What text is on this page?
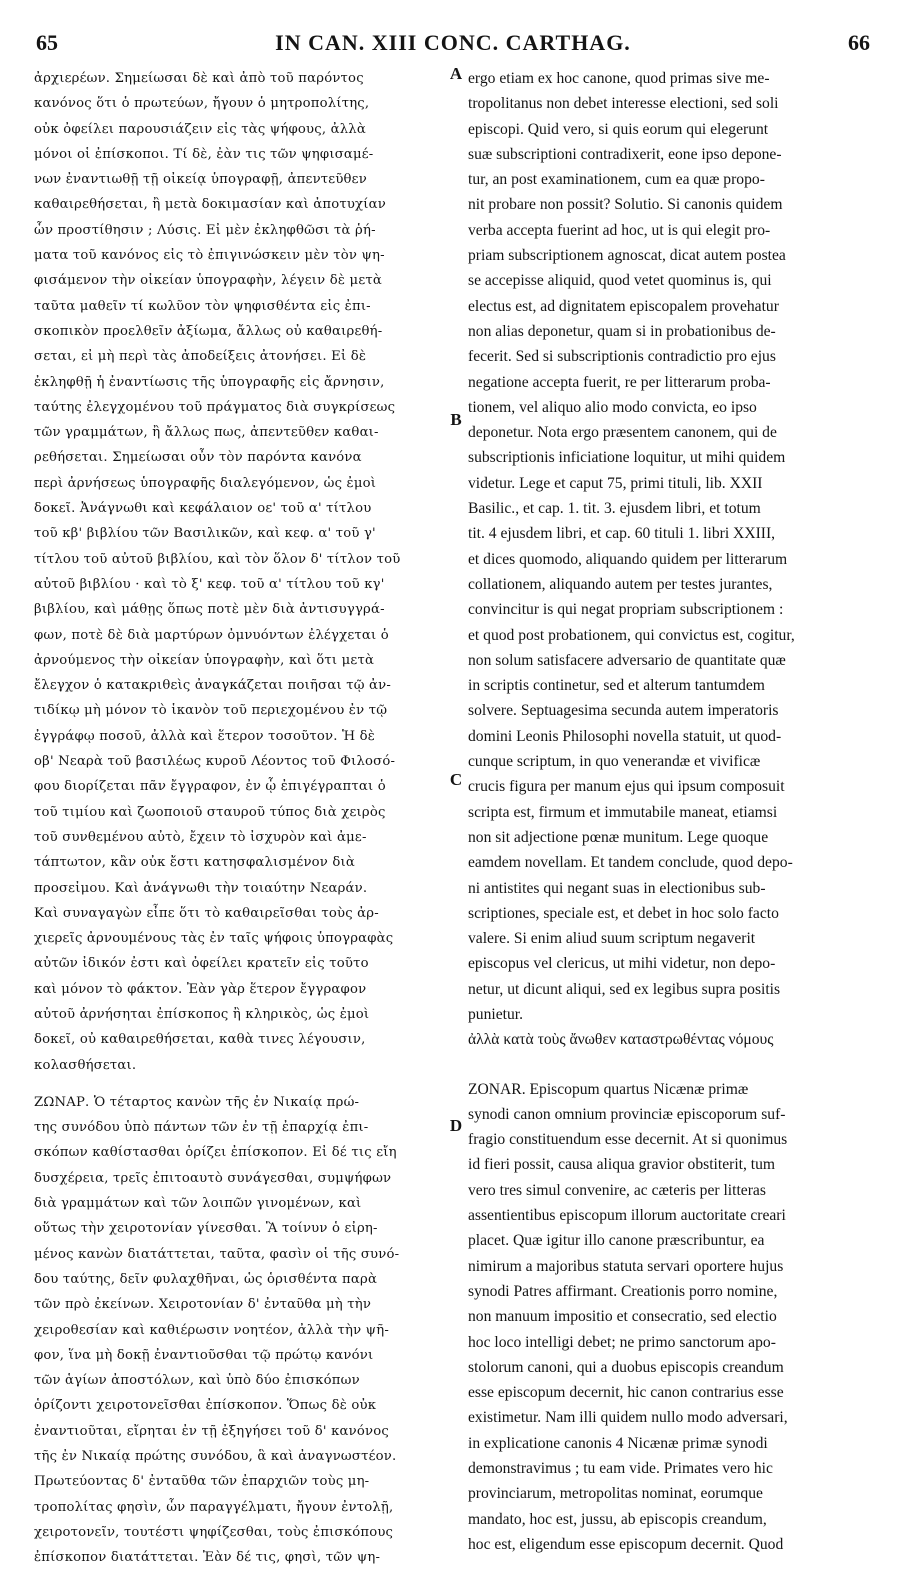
65	IN CAN. XIII CONC. CARTHAG.	66
ἀρχιερέων. Σημείωσαι δὲ καὶ ἀπὸ τοῦ παρόντος
κανόνος ὅτι ὁ πρωτεύων, ἤγουν ὁ μητροπολίτης,
οὐκ ὀφείλει παρουσιάζειν εἰς τὰς ψήφους, ἀλλὰ
μόνοι οἱ ἐπίσκοποι. Τί δὲ, ἐὰν τις τῶν ψηφισαμέ-
νων ἐναντιωθῇ τῇ οἰκείᾳ ὑπογραφῇ, ἀπεντεῦθεν
καθαιρεθήσεται, ἢ μετὰ δοκιμασίαν καὶ ἀποτυχίαν
ὧν προστίθησιν ; Λύσις. Εἰ μὲν ἐκληφθῶσι τὰ ῥή-
ματα τοῦ κανόνος εἰς τὸ ἐπιγινώσκειν μὲν τὸν ψη-
φισάμενον τὴν οἰκείαν ὑπογραφὴν, λέγειν δὲ μετὰ
ταῦτα μαθεῖν τί κωλῦον τὸν ψηφισθέντα εἰς ἐπι-
σκοπικὸν προελθεῖν ἀξίωμα, ἄλλως οὐ καθαιρεθή-
σεται, εἰ μὴ περὶ τὰς ἀποδείξεις ἀτονήσει. Εἰ δὲ
ἐκληφθῇ ἡ ἐναντίωσις τῆς ὑπογραφῆς εἰς ἄρνησιν,
ταύτης ἐλεγχομένου τοῦ πράγματος διὰ συγκρίσεως
τῶν γραμμάτων, ἢ ἄλλως πως, ἀπεντεῦθεν καθαι-
ρεθήσεται. Σημείωσαι οὖν τὸν παρόντα κανόνα
περὶ ἀρνήσεως ὑπογραφῆς διαλεγόμενον, ὡς ἐμοὶ
δοκεῖ. Ἀνάγνωθι καὶ κεφάλαιον οε' τοῦ α' τίτλου
τοῦ κβ' βιβλίου τῶν Βασιλικῶν, καὶ κεφ. α' τοῦ γ'
τίτλου τοῦ αὐτοῦ βιβλίου, καὶ τὸν ὅλον δ' τίτλον τοῦ
αὐτοῦ βιβλίου · καὶ τὸ ξ' κεφ. τοῦ α' τίτλου τοῦ κγ'
βιβλίου, καὶ μάθῃς ὅπως ποτὲ μὲν διὰ ἀντισυγγρά-
φων, ποτὲ δὲ διὰ μαρτύρων ὀμνυόντων ἐλέγχεται ὁ
ἀρνούμενος τὴν οἰκείαν ὑπογραφὴν, καὶ ὅτι μετὰ
ἔλεγχον ὁ κατακριθεὶς ἀναγκάζεται ποιῆσαι τῷ ἀν-
τιδίκῳ μὴ μόνον τὸ ἱκανὸν τοῦ περιεχομένου ἐν τῷ
ἐγγράφῳ ποσοῦ, ἀλλὰ καὶ ἕτερον τοσοῦτον. Ἡ δὲ
οβ' Νεαρὰ τοῦ βασιλέως κυροῦ Λέοντος τοῦ Φιλοσό-
φου διορίζεται πᾶν ἔγγραφον, ἐν ᾧ ἐπιγέγραπται ὁ
τοῦ τιμίου καὶ ζωοποιοῦ σταυροῦ τύπος διὰ χειρὸς
τοῦ συνθεμένου αὐτὸ, ἔχειν τὸ ἰσχυρὸν καὶ ἀμε-
τάπτωτον, κἂν οὐκ ἔστι κατησφαλισμένον διὰ
προσεἰμου. Καὶ ἀνάγνωθι τὴν τοιαύτην Νεαράν.
Καὶ συναγαγὼν εἶπε ὅτι τὸ καθαιρεῖσθαι τοὺς ἀρ-
χιερεῖς ἀρνουμένους τὰς ἐν ταῖς ψήφοις ὑπογραφὰς
αὐτῶν ἰδικόν ἐστι καὶ ὀφείλει κρατεῖν εἰς τοῦτο
καὶ μόνον τὸ φάκτον. Ἐὰν γὰρ ἕτερον ἔγγραφον
αὐτοῦ ἀρνήσηται ἐπίσκοπος ἢ κληρικὸς, ὡς ἐμοὶ
δοκεῖ, οὐ καθαιρεθήσεται, καθὰ τινες λέγουσιν,
κολασθήσεται.
ΖΩΝΑΡ. Ὁ τέταρτος κανὼν τῆς ἐν Νικαίᾳ πρώ-
της συνόδου ὑπὸ πάντων τῶν ἐν τῇ ἐπαρχίᾳ ἐπι-
σκόπων καθίστασθαι ὁρίζει ἐπίσκοπον. Εἰ δέ τις εἴη
δυσχέρεια, τρεῖς ἐπιτοαυτὸ συνάγεσθαι, συμψήφων
διὰ γραμμάτων καὶ τῶν λοιπῶν γινομένων, καὶ
οὕτως τὴν χειροτονίαν γίνεσθαι. Ἃ τοίνυν ὁ εἰρη-
μένος κανὼν διατάττεται, ταῦτα, φασὶν οἱ τῆς συνό-
δου ταύτης, δεῖν φυλαχθῆναι, ὡς ὁρισθέντα παρὰ
τῶν πρὸ ἐκείνων. Χειροτονίαν δ' ἐνταῦθα μὴ τὴν
χειροθεσίαν καὶ καθιέρωσιν νοητέον, ἀλλὰ τὴν ψῆ-
φον, ἵνα μὴ δοκῇ ἐναντιοῦσθαι τῷ πρώτῳ κανόνι
τῶν ἁγίων ἀποστόλων, καὶ ὑπὸ δύο ἐπισκόπων
ὁρίζοντι χειροτονεῖσθαι ἐπίσκοπον. Ὅπως δὲ οὐκ
ἐναντιοῦται, εἴρηται ἐν τῇ ἐξηγήσει τοῦ δ' κανόνος
τῆς ἐν Νικαίᾳ πρώτης συνόδου, ἃ καὶ ἀναγνωστέον.
Πρωτεύοντας δ' ἐνταῦθα τῶν ἐπαρχιῶν τοὺς μη-
τροπολίτας φησὶν, ὧν παραγγέλματι, ἤγουν ἐντολῇ,
χειροτονεῖν, τουτέστι ψηφίζεσθαι, τοὺς ἐπισκόπους
ἐπίσκοπον διατάττεται. Ἐὰν δέ τις, φησὶ, τῶν ψη-
ergo etiam ex hoc canone, quod primas sive me-
tropolitanus non debet interesse electioni, sed soli
episcopi. Quid vero, si quis eorum qui elegerunt
suæ subscriptioni contradixerit, eone ipso depone-
tur, an post examinationem, cum ea quæ propo-
nit probare non possit? Solutio. Si canonis quidem
verba accepta fuerint ad hoc, ut is qui elegit pro-
priam subscriptionem agnoscat, dicat autem postea
se accepisse aliquid, quod vetet quominus is, qui
electus est, ad dignitatem episcopalem provehatur
non alias deponetur, quam si in probationibus de-
fecerit. Sed si subscriptionis contradictio pro ejus
negatione accepta fuerit, re per litterarum proba-
tionem, vel aliquo alio modo convicta, eo ipso
deponetur. Nota ergo præsentem canonem, qui de
subscriptionis inficiatione loquitur, ut mihi quidem
videtur. Lege et caput 75, primi tituli, lib. XXII
Basilic., et cap. 1. tit. 3. ejusdem libri, et totum
tit. 4 ejusdem libri, et cap. 60 tituli 1. libri XXIII,
et dices quomodo, aliquando quidem per litterarum
collationem, aliquando autem per testes jurantes,
convincitur is qui negat propriam subscriptionem :
et quod post probationem, qui convictus est, cogitur,
non solum satisfacere adversario de quantitate quæ
in scriptis continetur, sed et alterum tantumdem
solvere. Septuagesima secunda autem imperatoris
domini Leonis Philosophi novella statuit, ut quod-
cunque scriptum, in quo venerandæ et vivificæ
crucis figura per manum ejus qui ipsum composuit
scripta est, firmum et immutabile maneat, etiamsi
non sit adjectione pœnæ munitum. Lege quoque
eamdem novellam. Et tandem conclude, quod depo-
ni antistites qui negant suas in electionibus sub-
scriptiones, speciale est, et debet in hoc solo facto
valere. Si enim aliud suum scriptum negaverit
episcopus vel clericus, ut mihi videtur, non depo-
netur, ut dicunt aliqui, sed ex legibus supra positis
punietur.
ἀλλὰ κατὰ τοὺς ἄνωθεν καταστρωθέντας νόμους
ZONAR. Episcopum quartus Nicænæ primæ
synodi canon omnium provinciæ episcoporum suf-
fragio constituendum esse decernit. At si quonimus
id fieri possit, causa aliqua gravior obstiterit, tum
vero tres simul convenire, ac cæteris per litteras
assentientibus episcopum illorum auctoritate creari
placet. Quæ igitur illo canone præscribuntur, ea
nimirum a majoribus statuta servari oportere hujus
synodi Patres affirmant. Creationis porro nomine,
non manuum impositio et consecratio, sed electio
hoc loco intelligi debet; ne primo sanctorum apo-
stolorum canoni, qui a duobus episcopis creandum
esse episcopum decernit, hic canon contrarius esse
existimetur. Nam illi quidem nullo modo adversari,
in explicatione canonis 4 Nicænæ primæ synodi
demonstravimus ; tu eam vide. Primates vero hic
provinciarum, metropolitas nominat, eorumque
mandato, hoc est, jussu, ab episcopis creandum,
hoc est, eligendum esse episcopum decernit. Quod
A
B
C
D
